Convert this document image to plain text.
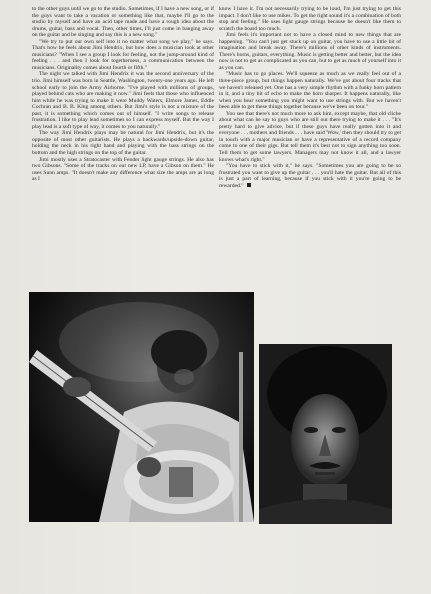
to the other guys until we go to the studio. Sometimes, if I have a new song, or if the guys want to take a vacation or something like that, maybe I'll go to the studio by myself and have an acid tape made and have a rough idea about the drums, guitar, bass and vocal. Then, other times, I'll just come in banging away on the guitar and be singing and say this is a new song."

"We try to put our own self into it no matter what song we play," he says. That's how he feels about Jimi Hendrix, but how does a musician look at other musicians? "When I see a group I look for feeling, not the jump-around kind of feeling . . . and then I look for togetherness, a communication between the musicians. Originality comes about fourth or fifth."

The night we talked with Jimi Hendrix it was the second anniversary of the trio. Jimi himself was born in Seattle, Washington, twenty-one years ago. He left school early to join the Army Airborne. "I've played with millions of groups, played behind cats who are making it now." Jimi feels that those who influenced him while he was trying to make it were Muddy Waters, Elmore James, Eddie Cochran and B. B. King among others. But Jimi's style is not a mixture of the past, it is something which comes out of himself. "I write songs to release frustration. I like to play lead sometimes so I can express myself. But the way I play lead is a soft type of way, it comes to you naturally."

The way Jimi Hendrix plays may be natural for Jimi Hendrix, but it's the opposite of most other guitarists. He plays a backwards/upside-down guitar, holding the neck in his right hand and playing with the bass strings on the bottom and the high strings on the top of the guitar.

Jimi mostly uses a Stratocaster with Fender light gauge strings. He also has two Gibsons. "Some of the tracks on our new LP, have a Gibson on them." He uses Sunn amps. "It doesn't make any difference what size the amps are as long as I

know I have it. I'm not necessarily trying to be loud, I'm just trying to get this impact. I don't like to use mikes. To get the right sound it's a combination of both stop and feeling." He uses light gauge strings because he doesn't like them to scratch the board too much.

Jimi feels it's important not to have a closed mind to new things that are happening. "You can't just get stuck up on guitar, you have to use a little bit of imagination and break away. There's millions of other kinds of instruments. There's horns, guitars, everything. Music is getting better and better, but the idea now is not to get as complicated as you can, but to get as much of yourself into it as you can.

"Music has to go places. We'll squeeze as much as we really feel out of a three-piece group, but things happen naturally. We've got about four tracks that we haven't released yet. One has a very simple rhythm with a funky horn pattern in it, and a tiny bit of echo to make the horn sharper. It happens naturally, like when you hear something you might want to use strings with. But we haven't been able to get these things together because we've been on tour."

You see that there's not much more to ask him, except maybe, that old cliche about what can he say to guys who are still out there trying to make it . . . "It's pretty hard to give advice, but if these guys have really gotten into it and everyone . . . mothers and friends . . . have said 'Wow,' then they should try to get in touch with a major musician or have a representative of a record company come to one of their gigs. But tell them it's best not to sign anything too soon. Tell them to get some lawyers. Managers may not know it all, and a lawyer knows what's right."

"You have to stick with it," he says. "Sometimes you are going to be so frustrated you want to give up the guitar . . . you'll hate the guitar. But all of this is just a part of learning, because if you stick with it you're going to be rewarded."
